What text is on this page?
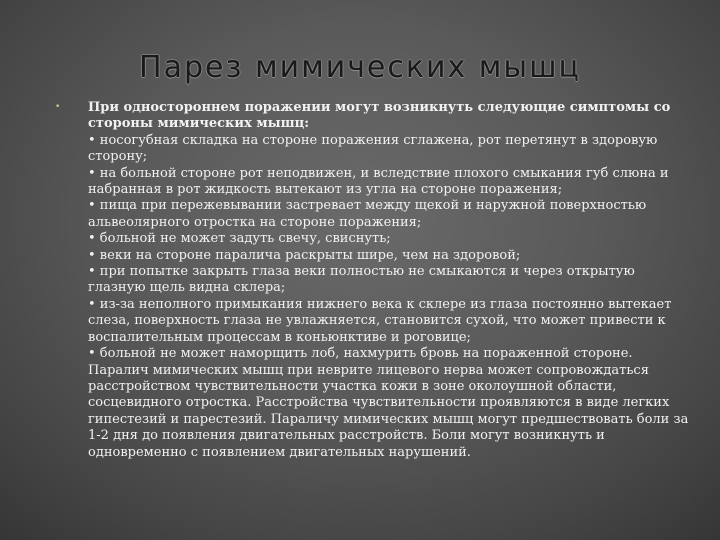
Парез мимических мышц
• При одностороннем поражении могут возникнуть следующие симптомы со стороны мимических мышц:

• носогубная складка на стороне поражения сглажена, рот перетянут в здоровую сторону;

• на больной стороне рот неподвижен, и вследствие плохого смыкания губ слюна и набранная в рот жидкость вытекают из угла на стороне поражения;

• пища при пережевывании застревает между щекой и наружной поверхностью альвеолярного отростка на стороне поражения;

• больной не может задуть свечу, свиснуть;

• веки на стороне паралича раскрыты шире, чем на здоровой;

• при попытке закрыть глаза веки полностью не смыкаются и через открытую глазную щель видна склера;

• из-за неполного примыкания нижнего века к склере из глаза постоянно вытекает слеза, поверхность глаза не увлажняется, становится сухой, что может привести к воспалительным процессам в коньюнктиве и роговице;

• больной не может наморщить лоб, нахмурить бровь на пораженной стороне.

Паралич мимических мышц при неврите лицевого нерва может сопровождаться расстройством чувствительности участка кожи в зоне околоушной области, сосцевидного отростка. Расстройства чувствительности проявляются в виде легких гипестезий и парестезий. Параличу мимических мышц могут предшествовать боли за 1-2 дня до появления двигательных расстройств. Боли могут возникнуть и одновременно с появлением двигательных нарушений.
